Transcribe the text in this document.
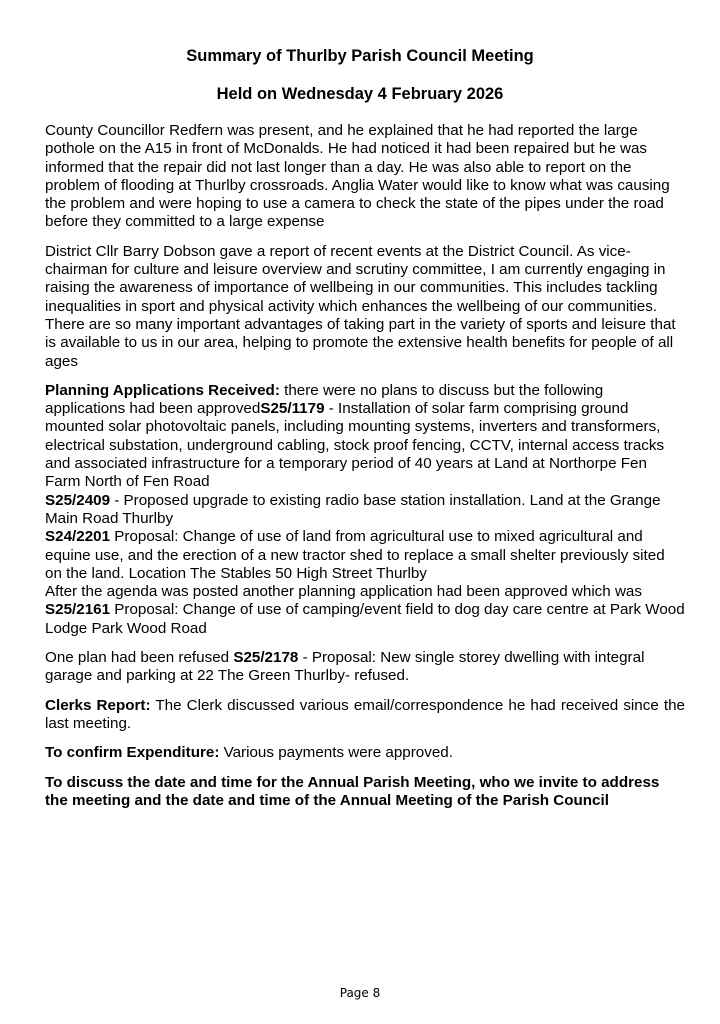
Summary of Thurlby Parish Council Meeting
Held on Wednesday 4 February 2026

County Councillor Redfern was present, and he explained that he had reported the large pothole on the A15 in front of McDonalds. He had noticed it had been repaired but he was informed that the repair did not last longer than a day. He was also able to report on the problem of flooding at Thurlby crossroads. Anglia Water would like to know what was causing the problem and were hoping to use a camera to check the state of the pipes under the road before they committed to a large expense

District Cllr Barry Dobson gave a report of recent events at the District Council. As vice-chairman for culture and leisure overview and scrutiny committee, I am currently engaging in raising the awareness of importance of wellbeing in our communities. This includes tackling inequalities in sport and physical activity which enhances the wellbeing of our communities. There are so many important advantages of taking part in the variety of sports and leisure that is available to us in our area, helping to promote the extensive health benefits for people of all ages

Planning Applications Received: there were no plans to discuss but the following applications had been approvedS25/1179 - Installation of solar farm comprising ground mounted solar photovoltaic panels, including mounting systems, inverters and transformers, electrical substation, underground cabling, stock proof fencing, CCTV, internal access tracks and associated infrastructure for a temporary period of 40 years at Land at Northorpe Fen Farm North of Fen Road

S25/2409 - Proposed upgrade to existing radio base station installation. Land at the Grange Main Road Thurlby

S24/2201 Proposal: Change of use of land from agricultural use to mixed agricultural and equine use, and the erection of a new tractor shed to replace a small shelter previously sited on the land. Location The Stables 50 High Street Thurlby

After the agenda was posted another planning application had been approved which was S25/2161 Proposal: Change of use of camping/event field to dog day care centre at Park Wood Lodge Park Wood Road

One plan had been refused S25/2178 - Proposal: New single storey dwelling with integral garage and parking at 22 The Green Thurlby- refused.

Clerks Report: The Clerk discussed various email/correspondence he had received since the last meeting.

To confirm Expenditure: Various payments were approved.

To discuss the date and time for the Annual Parish Meeting, who we invite to address the meeting and the date and time of the Annual Meeting of the Parish Council

Page 8
